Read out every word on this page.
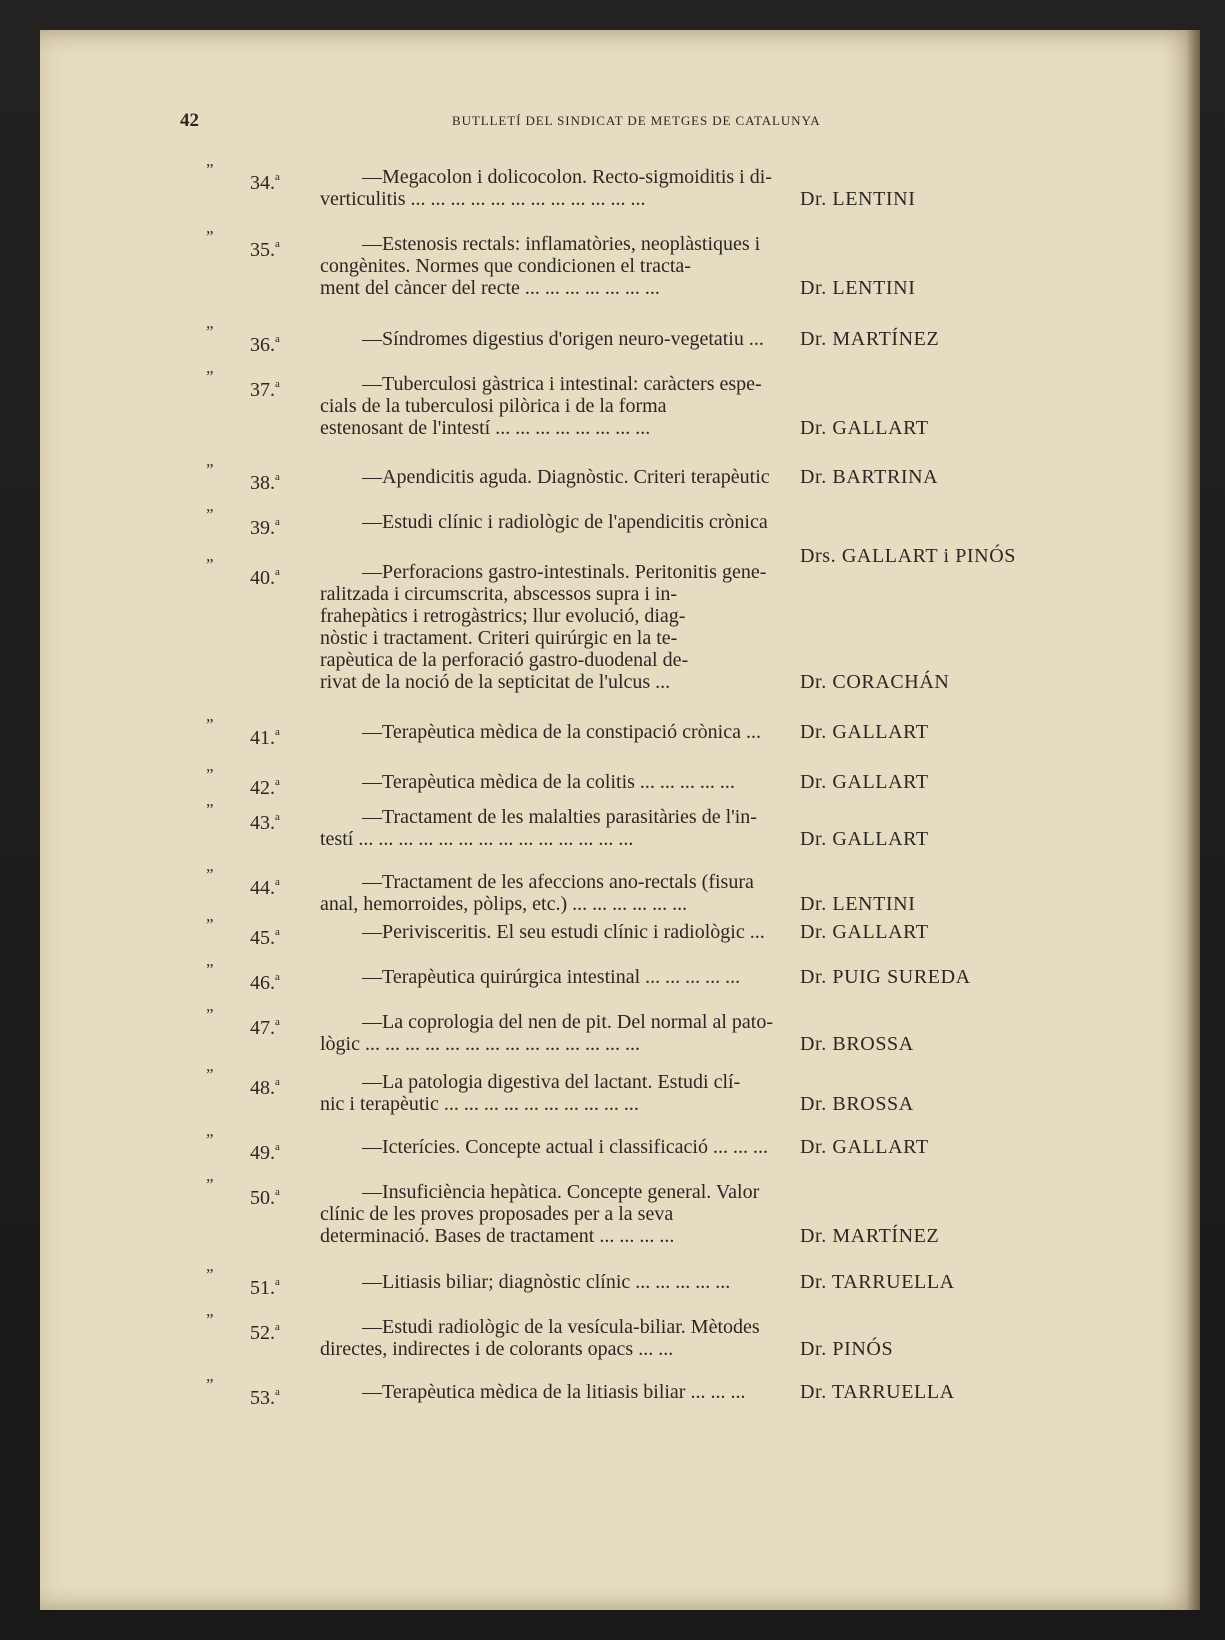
42	BUTLLETÍ DEL SINDICAT DE METGES DE CATALUNYA
”
34.$^a$	—Megacolon i dolicocolon. Recto-sigmoiditis i di-
verticulitis ... ... ... ... ... ... ... ... ... ... ... ...	Dr. LENTINI
”
35.$^a$	—Estenosis rectals: inflamatòries, neoplàstiques i
congènites. Normes que condicionen el tracta-
ment del càncer del recte ... ... ... ... ... ... ...	Dr. LENTINI
”
36.$^a$	—Síndromes digestius d'origen neuro-vegetatiu ...	Dr. MARTÍNEZ
”
37.$^a$	—Tuberculosi gàstrica i intestinal: caràcters espe-
cials de la tuberculosi pilòrica i de la forma
estenosant de l'intestí ... ... ... ... ... ... ... ...	Dr. GALLART
”
38.$^a$	—Apendicitis aguda. Diagnòstic. Criteri terapèutic	Dr. BARTRINA
”
39.$^a$	—Estudi clínic i radiològic de l'apendicitis crònica
Drs. GALLART i PINÓS
”
40.$^a$	—Perforacions gastro-intestinals. Peritonitis gene-
ralitzada i circumscrita, abscessos supra i in-
frahepàtics i retrogàstrics; llur evolució, diag-
nòstic i tractament. Criteri quirúrgic en la te-
rapèutica de la perforació gastro-duodenal de-
rivat de la noció de la septicitat de l'ulcus ...	Dr. CORACHÁN
”
41.$^a$	—Terapèutica mèdica de la constipació crònica ...	Dr. GALLART
”
42.$^a$	—Terapèutica mèdica de la colitis ... ... ... ... ...	Dr. GALLART
”
43.$^a$	—Tractament de les malalties parasitàries de l'in-
testí ... ... ... ... ... ... ... ... ... ... ... ... ... ...	Dr. GALLART
”
44.$^a$	—Tractament de les afeccions ano-rectals (fisura
anal, hemorroides, pòlips, etc.) ... ... ... ... ... ...	Dr. LENTINI
”
45.$^a$	—Perivisceritis. El seu estudi clínic i radiològic ...	Dr. GALLART
”
46.$^a$	—Terapèutica quirúrgica intestinal ... ... ... ... ...	Dr. PUIG SUREDA
”
47.$^a$	—La coprologia del nen de pit. Del normal al pato-
lògic ... ... ... ... ... ... ... ... ... ... ... ... ... ...	Dr. BROSSA
”
48.$^a$	—La patologia digestiva del lactant. Estudi clí-
nic i terapèutic ... ... ... ... ... ... ... ... ... ...	Dr. BROSSA
”
49.$^a$	—Icterícies. Concepte actual i classificació ... ... ...	Dr. GALLART
”
50.$^a$	—Insuficiència hepàtica. Concepte general. Valor
clínic de les proves proposades per a la seva
determinació. Bases de tractament ... ... ... ...	Dr. MARTÍNEZ
”
51.$^a$	—Litiasis biliar; diagnòstic clínic ... ... ... ... ...	Dr. TARRUELLA
”
52.$^a$	—Estudi radiològic de la vesícula-biliar. Mètodes
directes, indirectes i de colorants opacs ... ...	Dr. PINÓS
”
53.$^a$	—Terapèutica mèdica de la litiasis biliar ... ... ...	Dr. TARRUELLA
